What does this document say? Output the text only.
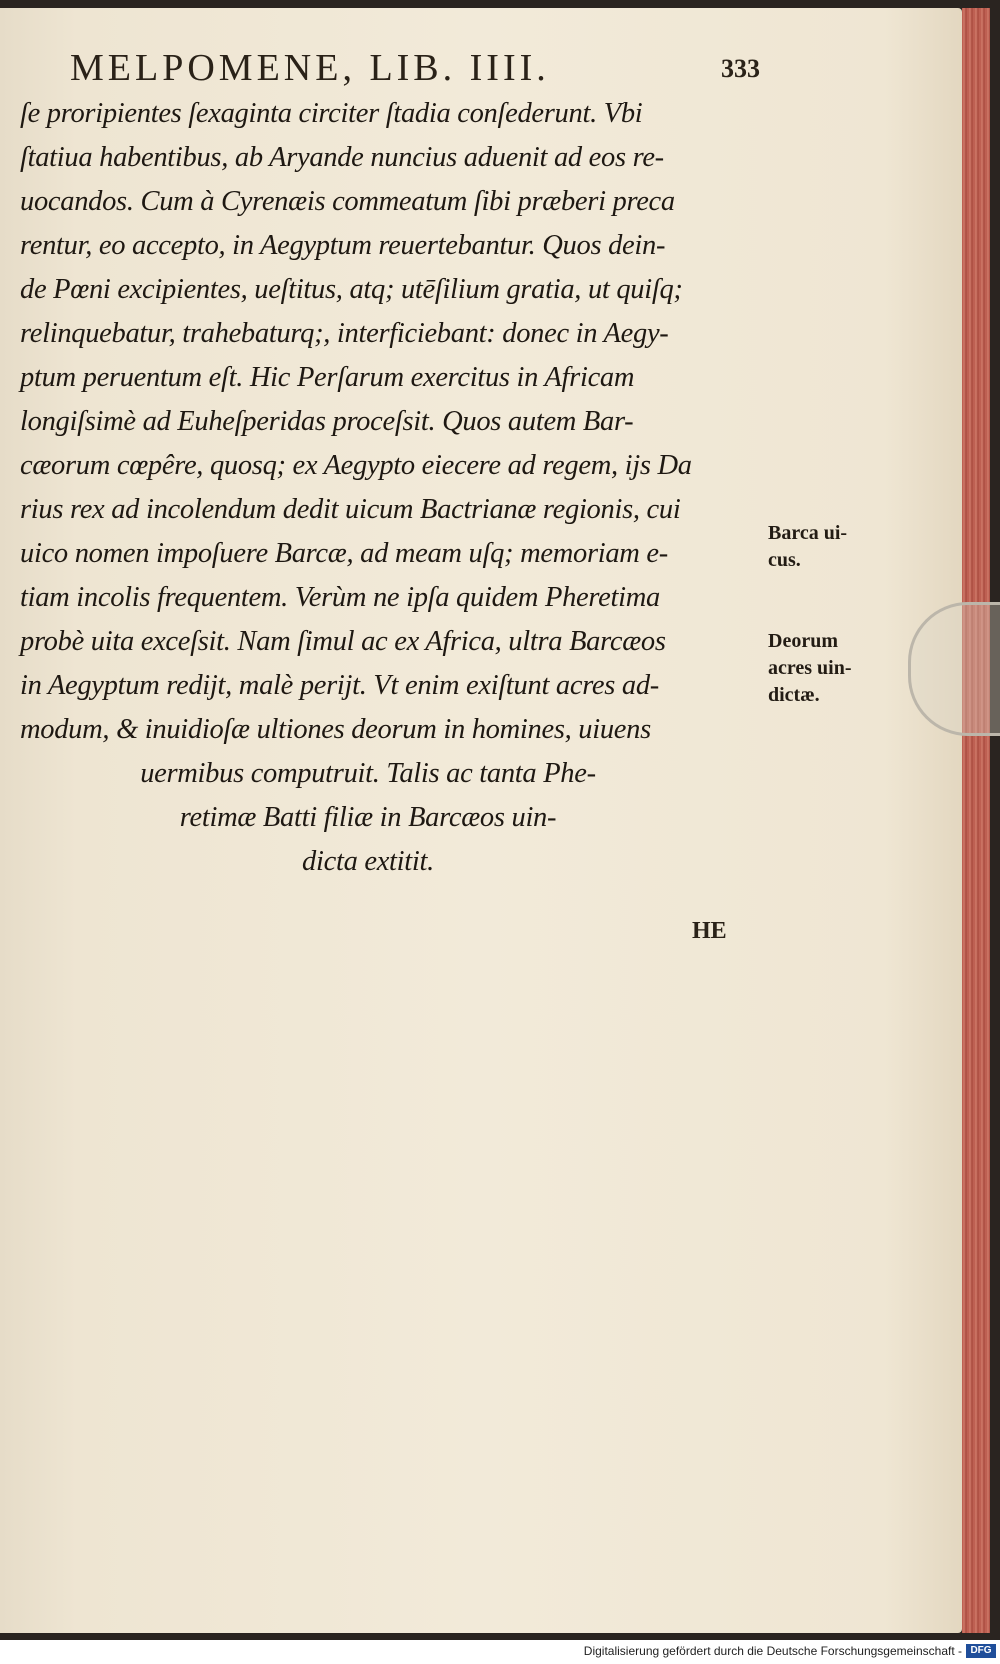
MELPOMENE, LIB. IIII.	333
ſe proripientes ſexaginta circiter ſtadia conſederunt. Vbi
ſtatiua habentibus, ab Aryande nuncius aduenit ad eos re-
uocandos. Cum à Cyrenæis commeatum ſibi præberi preca
rentur, eo accepto, in Aegyptum reuertebantur. Quos dein-
de Pœni excipientes, ueſtitus, atq; utēſilium gratia, ut quiſq;
relinquebatur, trahebaturq;, interficiebant: donec in Aegy-
ptum peruentum eſt. Hic Perſarum exercitus in Africam
longiſsimè ad Euheſperidas proceſsit. Quos autem Bar-
cæorum cœpêre, quosq; ex Aegypto eiecere ad regem, ijs Da
rius rex ad incolendum dedit uicum Bactrianæ regionis, cui
uico nomen impoſuere Barcæ, ad meam uſq; memoriam e-
tiam incolis frequentem. Verùm ne ipſa quidem Pheretima
probè uita exceſsit. Nam ſimul ac ex Africa, ultra Barcæos
in Aegyptum redijt, malè perijt. Vt enim exiſtunt acres ad-
modum, & inuidioſæ ultiones deorum in homines, uiuens
uermibus computruit. Talis ac tanta Phe-
retimæ Batti filiæ in Barcæos uin-
dicta extitit.
Barca ui-
cus.
Deorum
acres uin-
dictæ.
HE
Digitalisierung gefördert durch die Deutsche Forschungsgemeinschaft - DFG
